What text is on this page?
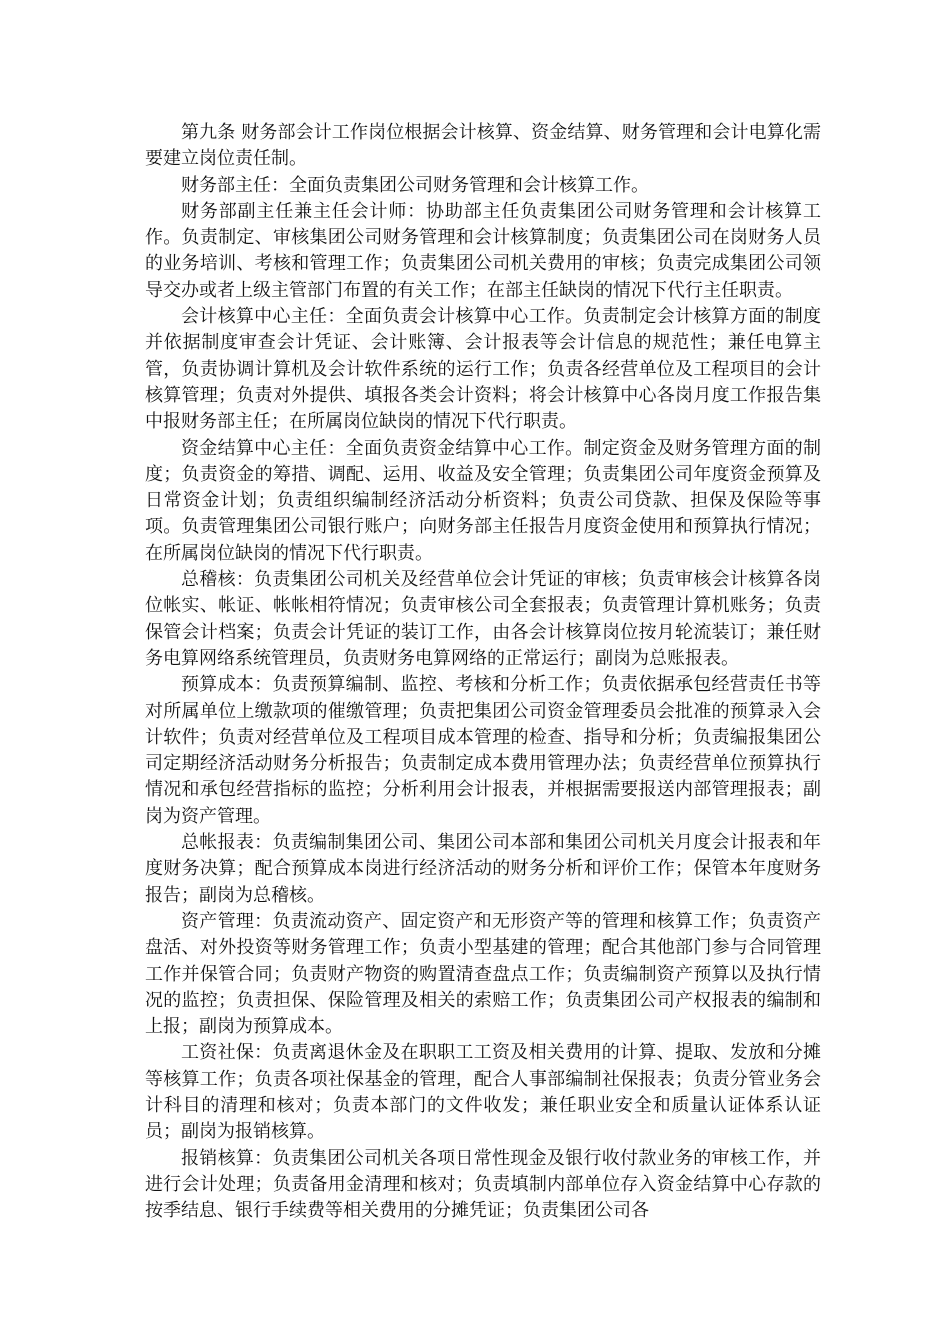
第九条 财务部会计工作岗位根据会计核算、资金结算、财务管理和会计电算化需要建立岗位责任制。

财务部主任：全面负责集团公司财务管理和会计核算工作。

财务部副主任兼主任会计师：协助部主任负责集团公司财务管理和会计核算工作。负责制定、审核集团公司财务管理和会计核算制度；负责集团公司在岗财务人员的业务培训、考核和管理工作；负责集团公司机关费用的审核；负责完成集团公司领导交办或者上级主管部门布置的有关工作；在部主任缺岗的情况下代行主任职责。

会计核算中心主任：全面负责会计核算中心工作。负责制定会计核算方面的制度并依据制度审查会计凭证、会计账簿、会计报表等会计信息的规范性；兼任电算主管，负责协调计算机及会计软件系统的运行工作；负责各经营单位及工程项目的会计核算管理；负责对外提供、填报各类会计资料；将会计核算中心各岗月度工作报告集中报财务部主任；在所属岗位缺岗的情况下代行职责。

资金结算中心主任：全面负责资金结算中心工作。制定资金及财务管理方面的制度；负责资金的筹措、调配、运用、收益及安全管理；负责集团公司年度资金预算及日常资金计划；负责组织编制经济活动分析资料；负责公司贷款、担保及保险等事项。负责管理集团公司银行账户；向财务部主任报告月度资金使用和预算执行情况；在所属岗位缺岗的情况下代行职责。

总稽核：负责集团公司机关及经营单位会计凭证的审核；负责审核会计核算各岗位帐实、帐证、帐帐相符情况；负责审核公司全套报表；负责管理计算机账务；负责保管会计档案；负责会计凭证的装订工作，由各会计核算岗位按月轮流装订；兼任财务电算网络系统管理员，负责财务电算网络的正常运行；副岗为总账报表。

预算成本：负责预算编制、监控、考核和分析工作；负责依据承包经营责任书等对所属单位上缴款项的催缴管理；负责把集团公司资金管理委员会批准的预算录入会计软件；负责对经营单位及工程项目成本管理的检查、指导和分析；负责编报集团公司定期经济活动财务分析报告；负责制定成本费用管理办法；负责经营单位预算执行情况和承包经营指标的监控；分析利用会计报表，并根据需要报送内部管理报表；副岗为资产管理。

总帐报表：负责编制集团公司、集团公司本部和集团公司机关月度会计报表和年度财务决算；配合预算成本岗进行经济活动的财务分析和评价工作；保管本年度财务报告；副岗为总稽核。

资产管理：负责流动资产、固定资产和无形资产等的管理和核算工作；负责资产盘活、对外投资等财务管理工作；负责小型基建的管理；配合其他部门参与合同管理工作并保管合同；负责财产物资的购置清查盘点工作；负责编制资产预算以及执行情况的监控；负责担保、保险管理及相关的索赔工作；负责集团公司产权报表的编制和上报；副岗为预算成本。

工资社保：负责离退休金及在职职工工资及相关费用的计算、提取、发放和分摊等核算工作；负责各项社保基金的管理，配合人事部编制社保报表；负责分管业务会计科目的清理和核对；负责本部门的文件收发；兼任职业安全和质量认证体系认证员；副岗为报销核算。

报销核算：负责集团公司机关各项日常性现金及银行收付款业务的审核工作，并进行会计处理；负责备用金清理和核对；负责填制内部单位存入资金结算中心存款的按季结息、银行手续费等相关费用的分摊凭证；负责集团公司各
